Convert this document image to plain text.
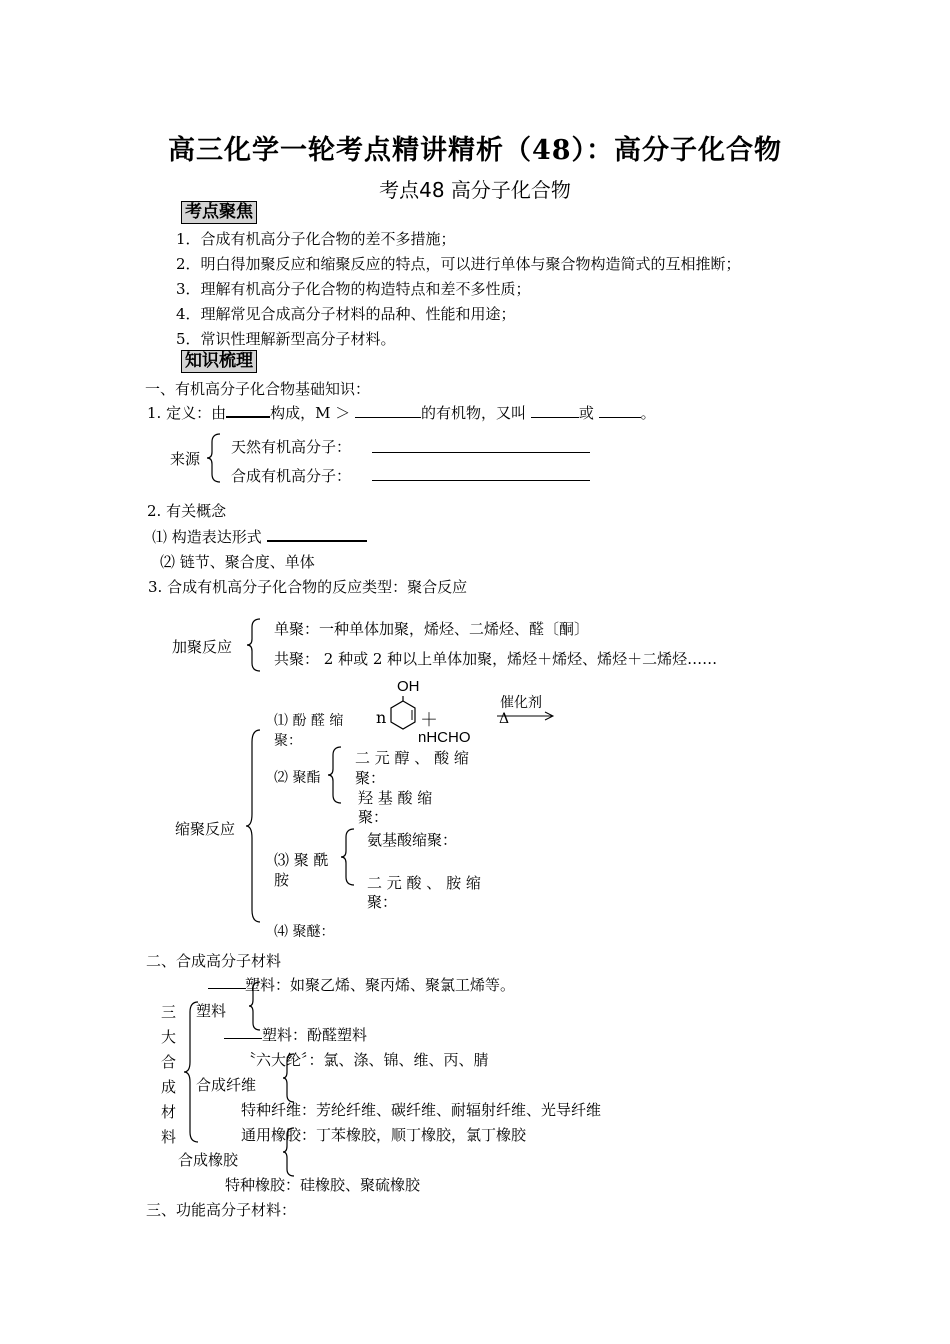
高三化学一轮考点精讲精析（48）：高分子化合物
考点48 高分子化合物
考点聚焦
1．合成有机高分子化合物的差不多措施；
2．明白得加聚反应和缩聚反应的特点，可以进行单体与聚合物构造简式的互相推断；
3．理解有机高分子化合物的构造特点和差不多性质；
4．理解常见合成高分子材料的品种、性能和用途；
5．常识性理解新型高分子材料。
知识梳理
一、有机高分子化合物基础知识：
1. 定义：由	构成，M ＞	的有机物，又叫	或	。
来源
天然有机高分子：
合成有机高分子：
2. 有关概念
⑴ 构造表达形式
⑵ 链节、聚合度、单体
3. 合成有机高分子化合物的反应类型：聚合反应
加聚反应
单聚：一种单体加聚，烯烃、二烯烃、醛〔酮〕
共聚： 2 种或 2 种以上单体加聚，烯烃＋烯烃、烯烃＋二烯烃……
缩聚反应
⑴ 酚 醛 缩
聚：
n
OH
＋
nHCHO
催化剂
Δ
⑵ 聚酯
二 元 醇 、 酸 缩
聚：
羟 基 酸 缩
聚：
⑶ 聚 酰
胺
氨基酸缩聚：
二 元 酸 、 胺 缩
聚：
⑷ 聚醚：
二、合成高分子材料
塑料：如聚乙烯、聚丙烯、聚氯工烯等。
塑料
塑料：酚醛塑料
三
大
合
成
材
料
〝六大纶〞：氯、涤、锦、维、丙、腈
合成纤维
特种纤维：芳纶纤维、碳纤维、耐辐射纤维、光导纤维
通用橡胶：丁苯橡胶，顺丁橡胶，氯丁橡胶
合成橡胶
特种橡胶：硅橡胶、聚硫橡胶
三、功能高分子材料：
